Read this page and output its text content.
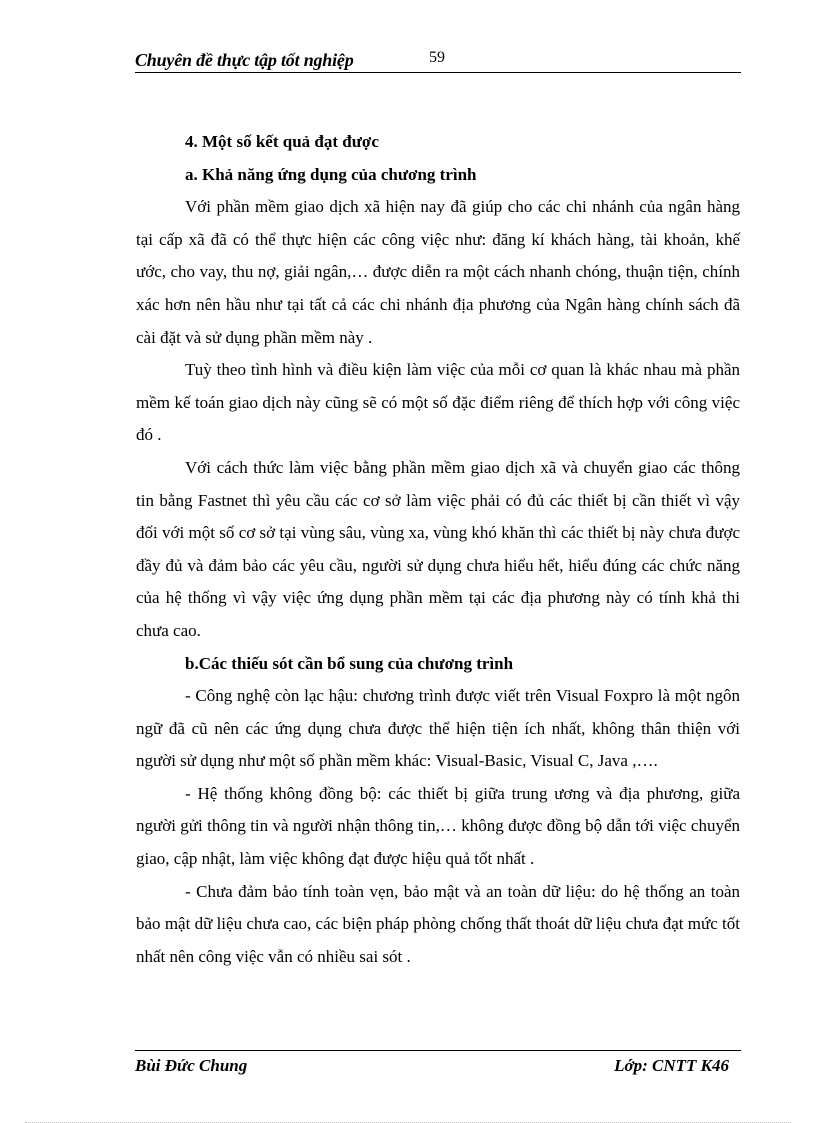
Chuyên đề thực tập tốt nghiệp	59

4. Một số kết quả đạt được

a. Khả năng ứng dụng của chương trình

Với phần mềm giao dịch xã hiện nay đã giúp cho các chi nhánh của ngân hàng tại cấp xã đã có thể thực hiện các công việc như: đăng kí khách hàng, tài khoản, khế ước, cho vay, thu nợ, giải ngân,… được diễn ra một cách nhanh chóng, thuận tiện, chính xác hơn nên hầu như tại tất cả các chi nhánh địa phương của Ngân hàng chính sách đã cài đặt và sử dụng phần mềm này .

Tuỳ theo tình hình và điều kiện làm việc của mỗi cơ quan là khác nhau mà phần mềm kế toán giao dịch này cũng sẽ có một số đặc điểm riêng để thích hợp với công việc đó .

Với cách thức làm việc bằng phần mềm giao dịch xã và chuyển giao các thông tin bằng Fastnet thì yêu cầu các cơ sở làm việc phải có đủ các thiết bị cần thiết vì vậy đối với một số cơ sở tại vùng sâu, vùng xa, vùng khó khăn thì các thiết bị này chưa được đầy đủ và đảm bảo các yêu cầu, người sử dụng chưa hiểu hết, hiểu đúng các chức năng của hệ thống vì vậy việc ứng dụng phần mềm tại các địa phương này có tính khả thi chưa cao.

b.Các thiếu sót cần bổ sung của chương trình

- Công nghệ còn lạc hậu: chương trình được viết trên Visual Foxpro là một ngôn ngữ đã cũ nên các ứng dụng chưa được thể hiện tiện ích nhất, không thân thiện với người sử dụng như một số phần mềm khác: Visual-Basic, Visual C, Java ,….

- Hệ thống không đồng bộ: các thiết bị giữa trung ương và địa phương, giữa người gửi thông tin và người nhận thông tin,… không được đồng bộ dẫn tới việc chuyển giao, cập nhật, làm việc không đạt được hiệu quả tốt nhất .

- Chưa đảm bảo tính toàn vẹn, bảo mật và an toàn dữ liệu: do hệ thống an toàn bảo mật dữ liệu chưa cao, các biện pháp phòng chống thất thoát dữ liệu chưa đạt mức tốt nhất nên công việc vẫn có nhiều sai sót .

Bùi Đức Chung	Lớp: CNTT K46
